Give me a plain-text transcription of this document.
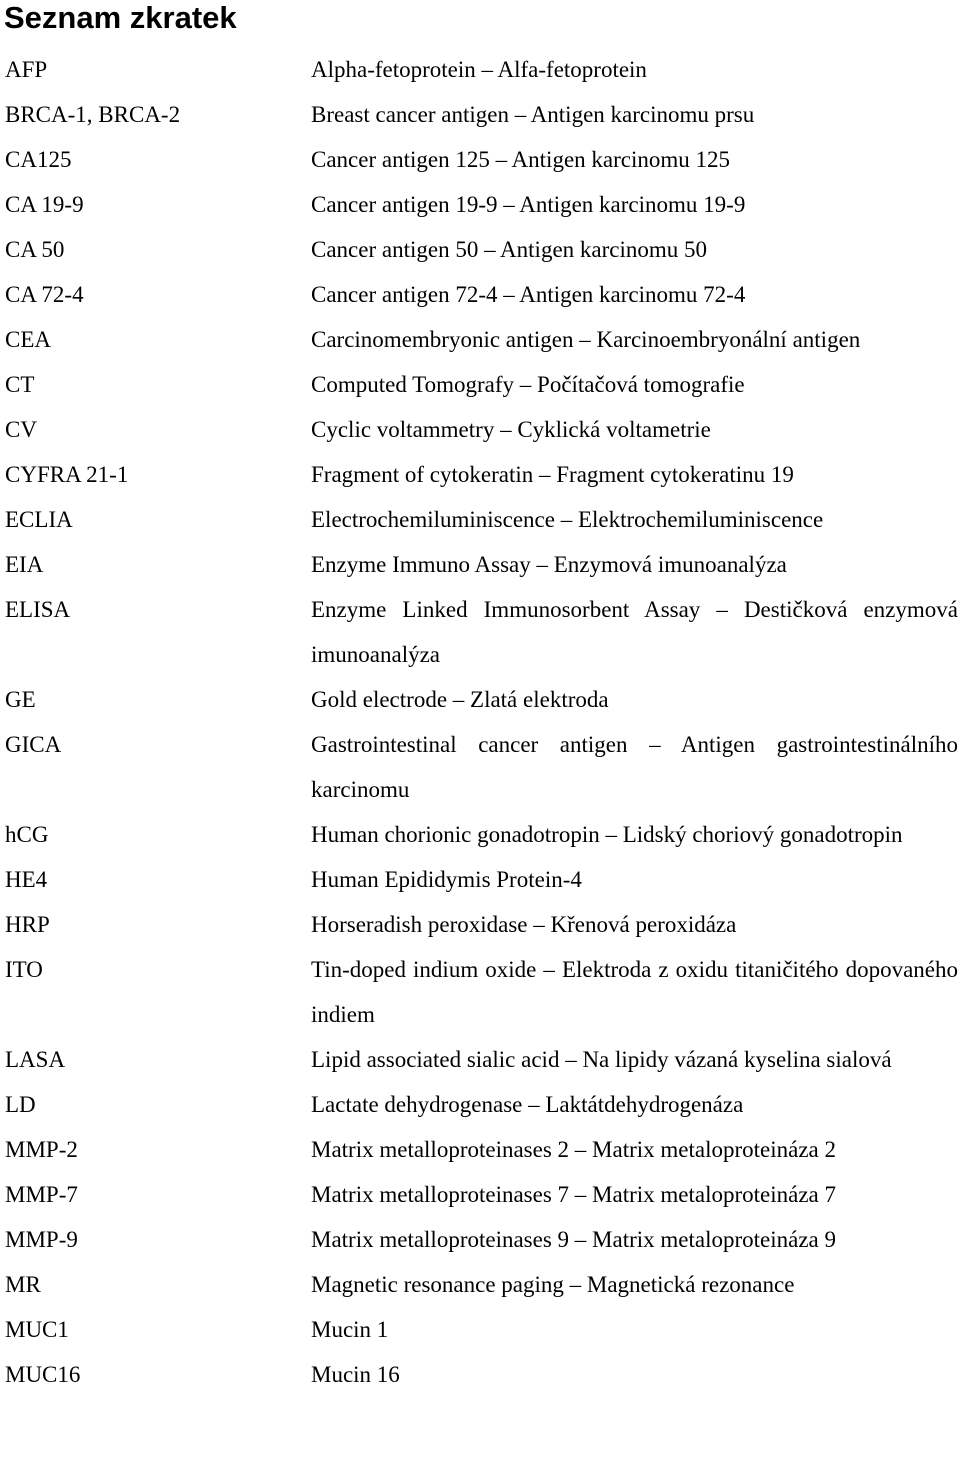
Seznam zkratek
AFP	Alpha-fetoprotein – Alfa-fetoprotein
BRCA-1, BRCA-2	Breast cancer antigen – Antigen karcinomu prsu
CA125	Cancer antigen 125 – Antigen karcinomu 125
CA 19-9	Cancer antigen 19-9 – Antigen karcinomu 19-9
CA 50	Cancer antigen 50 – Antigen karcinomu 50
CA 72-4	Cancer antigen 72-4 – Antigen karcinomu 72-4
CEA	Carcinomembryonic antigen – Karcinoembryonální antigen
CT	Computed Tomografy – Počítačová tomografie
CV	Cyclic voltammetry – Cyklická voltametrie
CYFRA 21-1	Fragment of cytokeratin – Fragment cytokeratinu 19
ECLIA	Electrochemiluminiscence – Elektrochemiluminiscence
EIA	Enzyme Immuno Assay – Enzymová imunoanalýza
ELISA	Enzyme Linked Immunosorbent Assay – Destičková enzymová imunoanalýza
GE	Gold electrode – Zlatá elektroda
GICA	Gastrointestinal cancer antigen – Antigen gastrointestinálního karcinomu
hCG	Human chorionic gonadotropin – Lidský choriový gonadotropin
HE4	Human Epididymis Protein-4
HRP	Horseradish peroxidase – Křenová peroxidáza
ITO	Tin-doped indium oxide – Elektroda z oxidu titaničitého dopovaného indiem
LASA	Lipid associated sialic acid – Na lipidy vázaná kyselina sialová
LD	Lactate dehydrogenase – Laktátdehydrogenáza
MMP-2	Matrix metalloproteinases 2 – Matrix metaloproteináza 2
MMP-7	Matrix metalloproteinases 7 – Matrix metaloproteináza 7
MMP-9	Matrix metalloproteinases 9 – Matrix metaloproteináza 9
MR	Magnetic resonance paging – Magnetická rezonance
MUC1	Mucin 1
MUC16	Mucin 16
